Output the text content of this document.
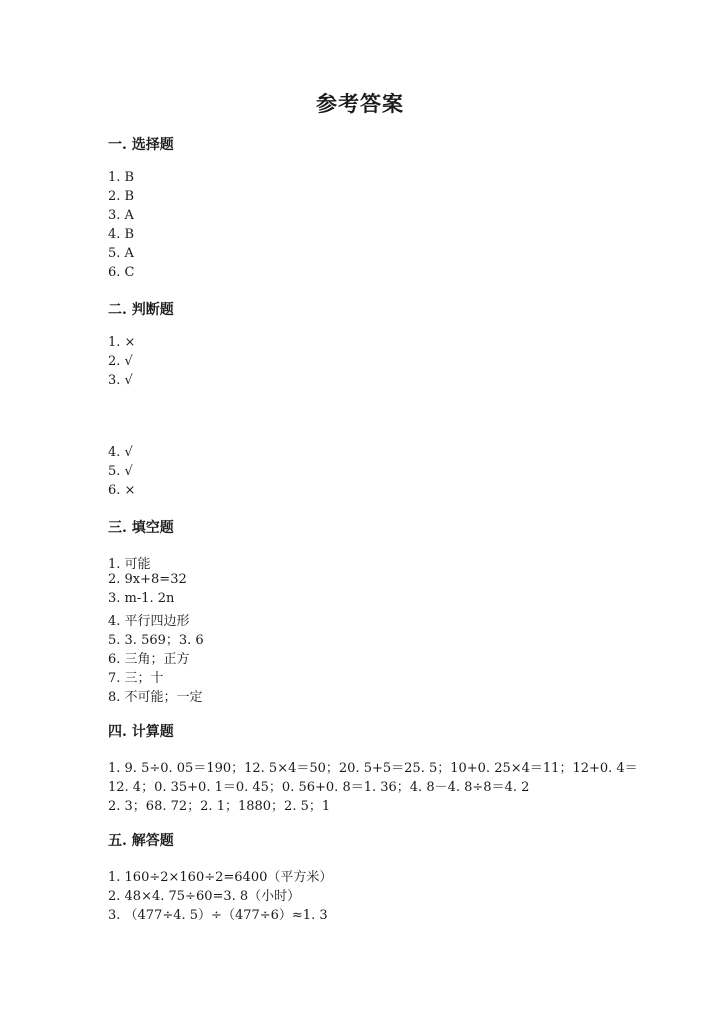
参考答案
一. 选择题
1. B
2. B
3. A
4. B
5. A
6. C
二. 判断题
1. ×
2. √
3. √
4. √
5. √
6. ×
三. 填空题
1. 可能
2. 9x+8=32
3. m-1. 2n
4. 平行四边形
5. 3. 569；3. 6
6. 三角；正方
7. 三；十
8. 不可能；一定
四. 计算题
1. 9. 5÷0. 05＝190；12. 5×4＝50；20. 5+5＝25. 5；10+0. 25×4＝11；12+0. 4＝
12. 4；0. 35+0. 1＝0. 45；0. 56+0. 8＝1. 36；4. 8－4. 8÷8＝4. 2
2. 3；68. 72；2. 1；1880；2. 5；1
五. 解答题
1. 160÷2×160÷2=6400（平方米）
2. 48×4. 75÷60=3. 8（小时）
3. （477÷4. 5）÷（477÷6）≈1. 3
